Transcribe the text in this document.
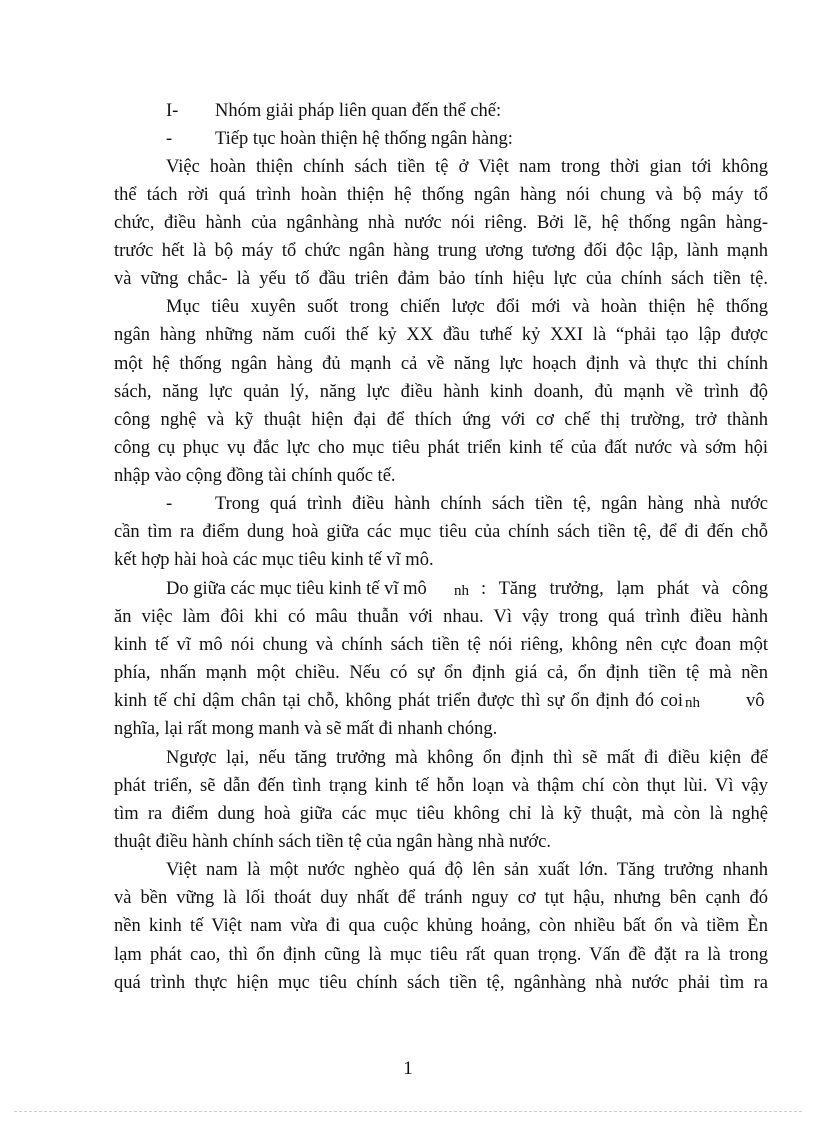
I- Nhóm giải pháp liên quan đến thể chế:
- Tiếp tục hoàn thiện hệ thống ngân hàng:
Việc hoàn thiện chính sách tiền tệ ở Việt nam trong thời gian tới không
thể tách rời quá trình hoàn thiện hệ thống ngân hàng nói chung và bộ máy tổ
chức, điều hành của ngânhàng nhà nước nói riêng. Bởi lẽ, hệ thống ngân hàng-
trước hết là bộ máy tổ chức ngân hàng trung ương tương đối độc lập, lành mạnh
và vững chắc- là yếu tố đầu triên đảm bảo tính hiệu lực của chính sách tiền tệ.
Mục tiêu xuyên suốt trong chiến lược đổi mới và hoàn thiện hệ thống
ngân hàng những năm cuối thế kỷ XX đầu tưhế kỷ XXI là “phải tạo lập được
một hệ thống ngân hàng đủ mạnh cả về năng lực hoạch định và thực thi chính
sách, năng lực quản lý, năng lực điều hành kinh doanh, đủ mạnh về trình độ
công nghệ và kỹ thuật hiện đại để thích ứng với cơ chế thị trường, trở thành
công cụ phục vụ đắc lực cho mục tiêu phát triển kinh tế của đất nước và sớm hội
nhập vào cộng đồng tài chính quốc tế.
- Trong quá trình điều hành chính sách tiền tệ, ngân hàng nhà nước
cần tìm ra điểm dung hoà giữa các mục tiêu của chính sách tiền tệ, để đi đến chỗ
kết hợp hài hoà các mục tiêu kinh tế vĩ mô.
Do giữa các mục tiêu kinh tế vĩ mô nh : Tăng trưởng, lạm phát và công
ăn việc làm đôi khi có mâu thuẫn với nhau. Vì vậy trong quá trình điều hành
kinh tế vĩ mô nói chung và chính sách tiền tệ nói riêng, không nên cực đoan một
phía, nhấn mạnh một chiều. Nếu có sự ổn định giá cả, ổn định tiền tệ mà nền
kinh tế chỉ dậm chân tại chỗ, không phát triển được thì sự ổn định đó coi nh vô
nghĩa, lại rất mong manh và sẽ mất đi nhanh chóng.
Ngược lại, nếu tăng trưởng mà không ổn định thì sẽ mất đi điều kiện để
phát triển, sẽ dẫn đến tình trạng kinh tế hỗn loạn và thậm chí còn thụt lùi. Vì vậy
tìm ra điểm dung hoà giữa các mục tiêu không chỉ là kỹ thuật, mà còn là nghệ
thuật điều hành chính sách tiền tệ của ngân hàng nhà nước.
Việt nam là một nước nghèo quá độ lên sản xuất lớn. Tăng trưởng nhanh
và bền vững là lối thoát duy nhất để tránh nguy cơ tụt hậu, nhưng bên cạnh đó
nền kinh tế Việt nam vừa đi qua cuộc khủng hoảng, còn nhiều bất ổn và tiềm Èn
lạm phát cao, thì ổn định cũng là mục tiêu rất quan trọng. Vấn đề đặt ra là trong
quá trình thực hiện mục tiêu chính sách tiền tệ, ngânhàng nhà nước phải tìm ra
1
